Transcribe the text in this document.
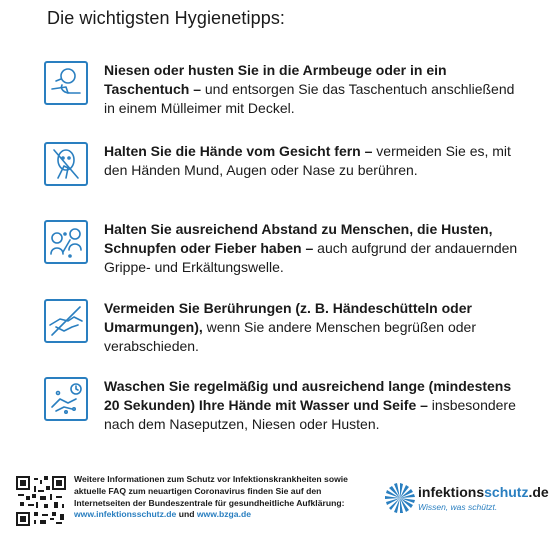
Die wichtigsten Hygienetipps:
Niesen oder husten Sie in die Armbeuge oder in ein Taschentuch – und entsorgen Sie das Taschentuch anschließend in einem Mülleimer mit Deckel.
Halten Sie die Hände vom Gesicht fern – vermeiden Sie es, mit den Händen Mund, Augen oder Nase zu berühren.
Halten Sie ausreichend Abstand zu Menschen, die Husten, Schnupfen oder Fieber haben – auch aufgrund der andauernden Grippe- und Erkältungswelle.
Vermeiden Sie Berührungen (z. B. Händeschütteln oder Umarmungen), wenn Sie andere Menschen begrüßen oder verabschieden.
Waschen Sie regelmäßig und ausreichend lange (mindestens 20 Sekunden) Ihre Hände mit Wasser und Seife – insbesondere nach dem Naseputzen, Niesen oder Husten.
Weitere Informationen zum Schutz vor Infektionskrankheiten sowie aktuelle FAQ zum neuartigen Coronavirus finden Sie auf den Internetseiten der Bundeszentrale für gesundheitliche Aufklärung:
www.infektionsschutz.de und www.bzga.de
infektionsschutz.de
Wissen, was schützt.
